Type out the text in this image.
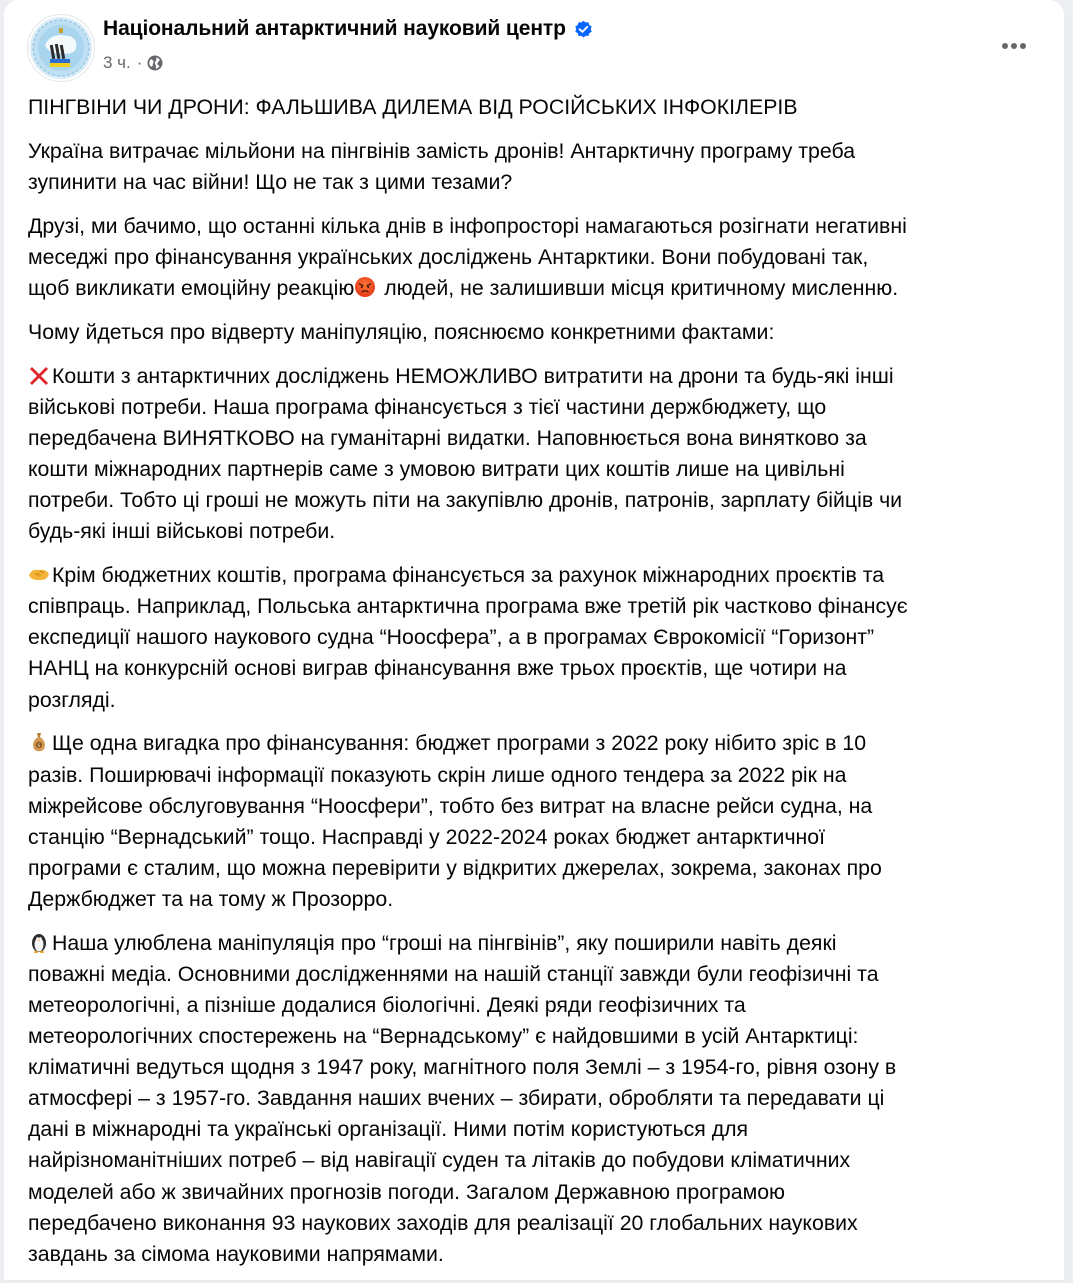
Національний антарктичний науковий центр
3 ч. ·

ПІНГВІНИ ЧИ ДРОНИ: ФАЛЬШИВА ДИЛЕМА ВІД РОСІЙСЬКИХ ІНФОКІЛЕРІВ

Україна витрачає мільйони на пінгвінів замість дронів! Антарктичну програму треба
зупинити на час війни! Що не так з цими тезами?

Друзі, ми бачимо, що останні кілька днів в інфопросторі намагаються розігнати негативні
меседжі про фінансування українських досліджень Антарктики. Вони побудовані так,
щоб викликати емоційну реакцію
людей, не залишивши місця критичному мисленню.

Чому йдеться про відверту маніпуляцію, пояснюємо конкретними фактами:

Кошти з антарктичних досліджень НЕМОЖЛИВО витратити на дрони та будь-які інші
військові потреби. Наша програма фінансується з тієї частини держбюджету, що
передбачена ВИНЯТКОВО на гуманітарні видатки. Наповнюється вона винятково за
кошти міжнародних партнерів саме з умовою витрати цих коштів лише на цивільні
потреби. Тобто ці гроші не можуть піти на закупівлю дронів, патронів, зарплату бійців чи
будь-які інші військові потреби.

Крім бюджетних коштів, програма фінансується за рахунок міжнародних проєктів та
співпраць. Наприклад, Польська антарктична програма вже третій рік частково фінансує
експедиції нашого наукового судна “Ноосфера”, а в програмах Єврокомісії “Горизонт”
НАНЦ на конкурсній основі виграв фінансування вже трьох проєктів, ще чотири на
розгляді.

$ Ще одна вигадка про фінансування: бюджет програми з 2022 року нібито зріс в 10
разів. Поширювачі інформації показують скрін лише одного тендера за 2022 рік на
міжрейсове обслуговування “Ноосфери”, тобто без витрат на власне рейси судна, на
станцію “Вернадський” тощо. Насправді у 2022-2024 роках бюджет антарктичної
програми є сталим, що можна перевірити у відкритих джерелах, зокрема, законах про
Держбюджет та на тому ж Прозорро.

Наша улюблена маніпуляція про “гроші на пінгвінів”, яку поширили навіть деякі
поважні медіа. Основними дослідженнями на нашій станції завжди були геофізичні та
метеорологічні, а пізніше додалися біологічні. Деякі ряди геофізичних та
метеорологічних спостережень на “Вернадському” є найдовшими в усій Антарктиці:
кліматичні ведуться щодня з 1947 року, магнітного поля Землі – з 1954-го, рівня озону в
атмосфері – з 1957-го. Завдання наших вчених – збирати, обробляти та передавати ці
дані в міжнародні та українські організації. Ними потім користуються для
найрізноманітніших потреб – від навігації суден та літаків до побудови кліматичних
моделей або ж звичайних прогнозів погоди. Загалом Державною програмою
передбачено виконання 93 наукових заходів для реалізації 20 глобальних наукових
завдань за сімома науковими напрямами.
